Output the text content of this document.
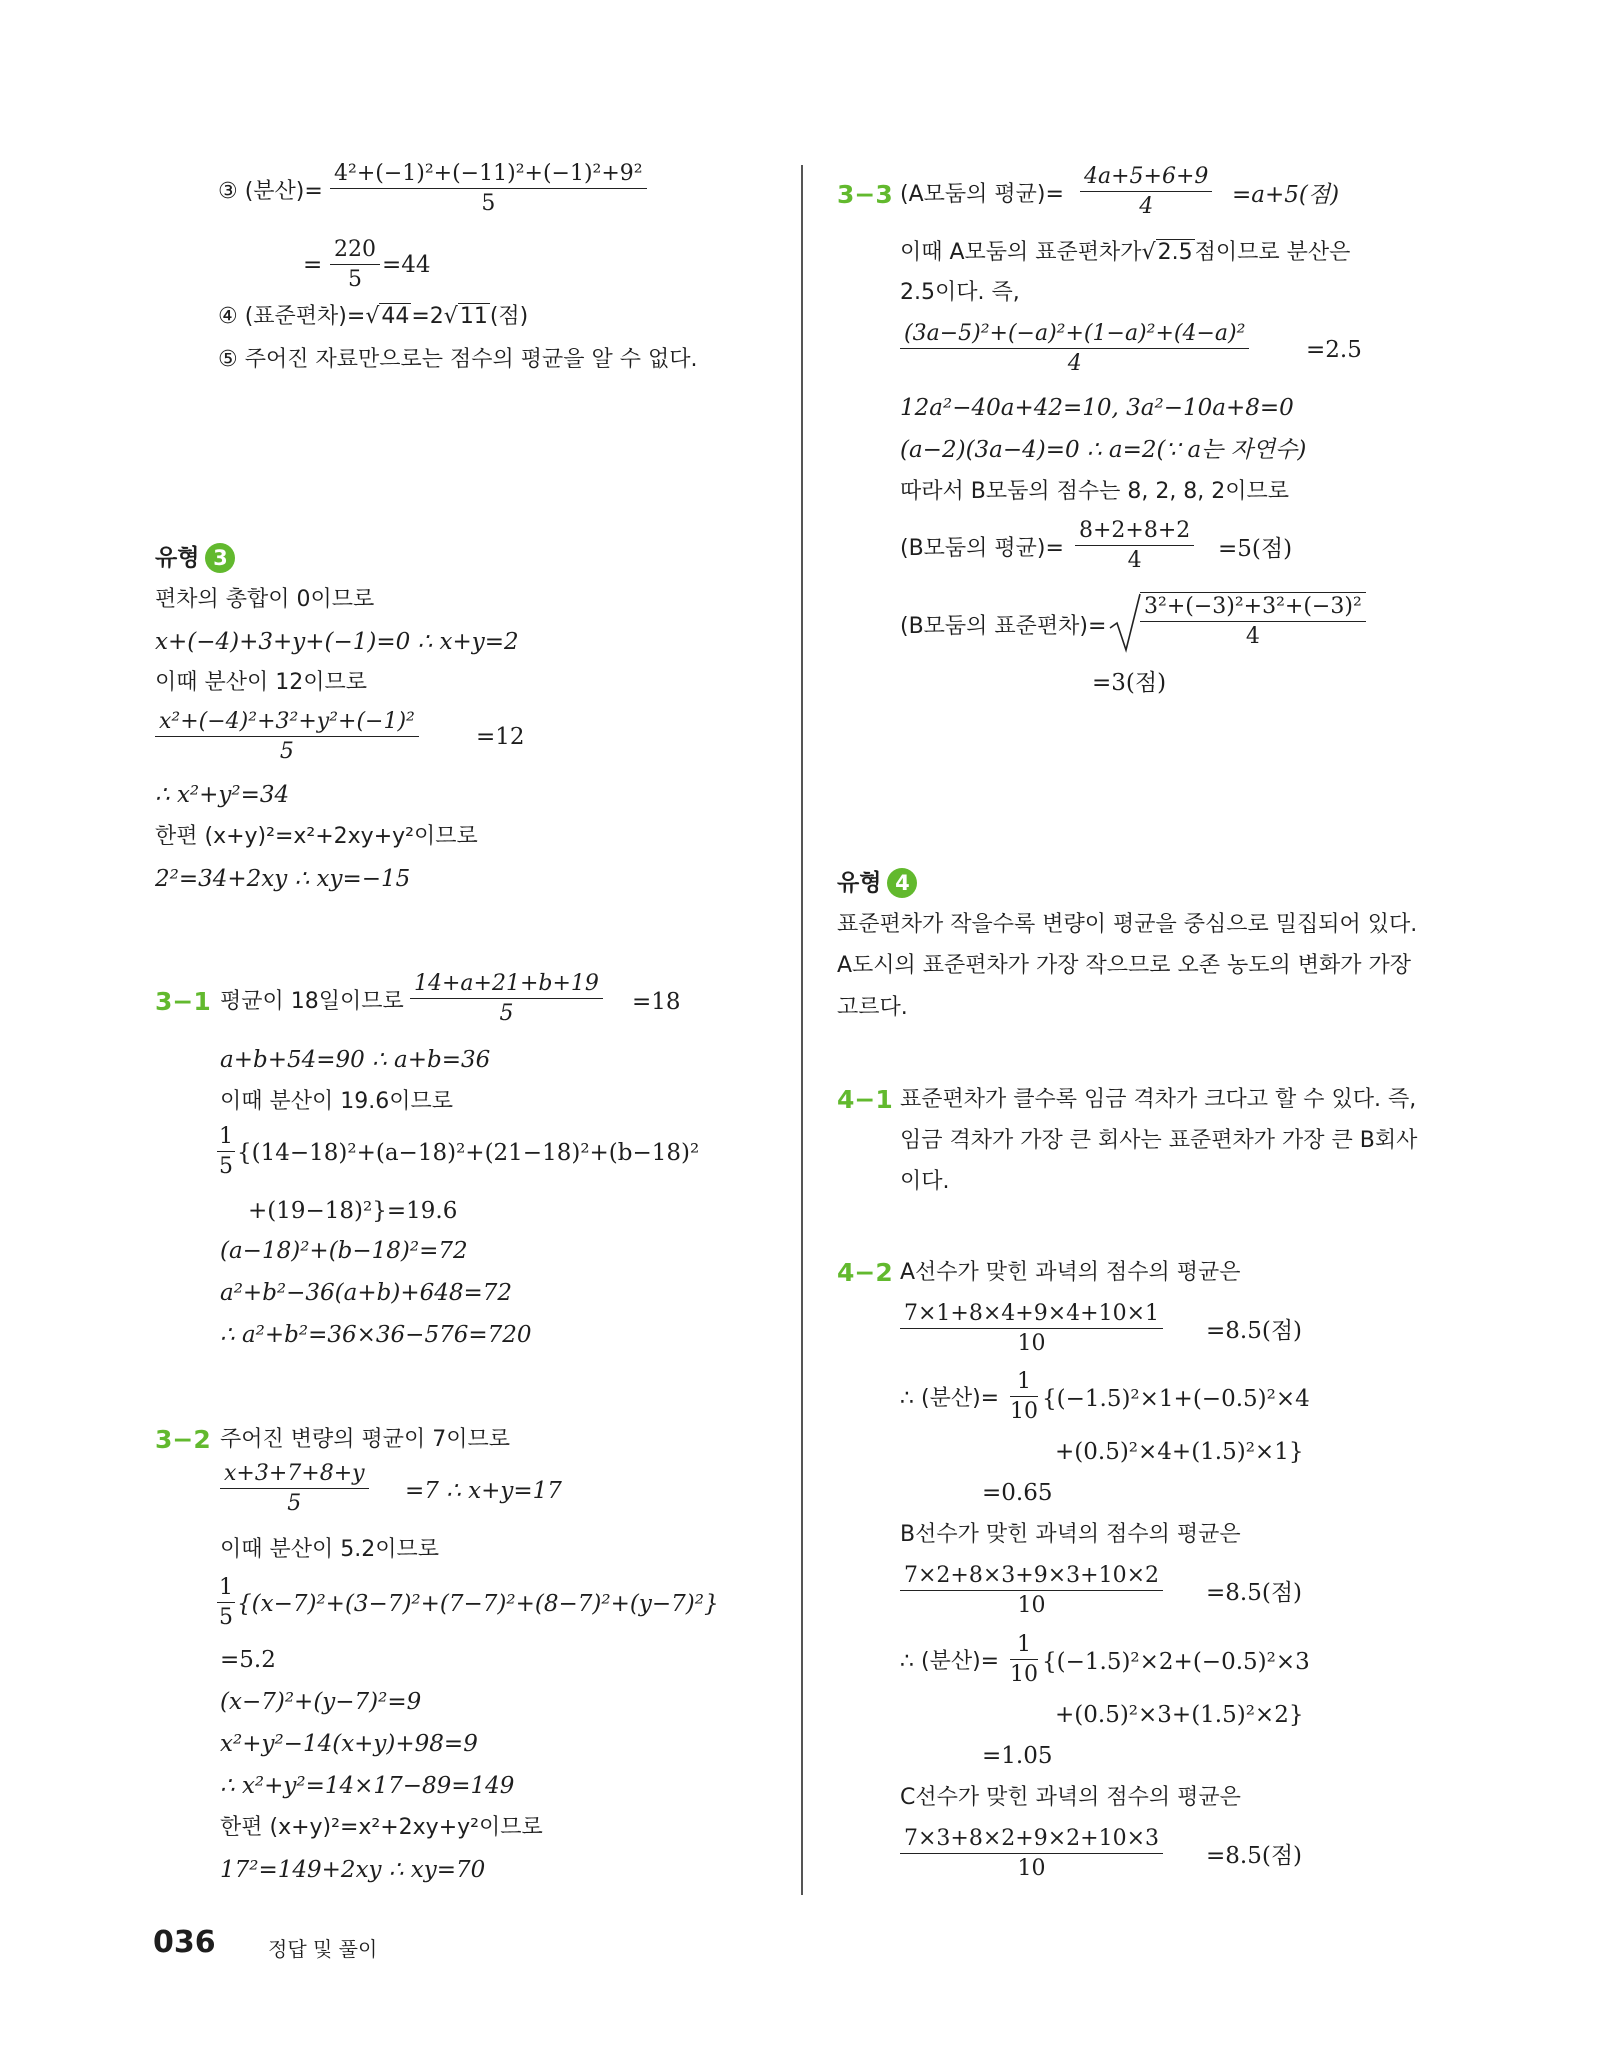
③ (분산)= $\frac{\text{4²+(−1)²+(−11)²+(−1)²+9²}}{5}$
= $\frac{220}{5} =44$
④ (표준편차)=√44=2√11(점)
⑤ 주어진 자료만으로는 점수의 평균을 알 수 없다.
유형 3
편차의 총합이 0이므로
x+(−4)+3+y+(−1)=0 ∴ x+y=2
이때 분산이 12이므로
$\frac{\text{x²+(−4)²+3²+y²+(−1)²}}{5} =12$
∴ x²+y²=34
한편 (x+y)²=x²+2xy+y²이므로
2²=34+2xy ∴ xy=−15
3−1 평균이 18일이므로 $\frac{14+a+21+b+19}{5} =18$
a+b+54=90 ∴ a+b=36
이때 분산이 19.6이므로
$\frac{1}{5} \{(14-18)^2+(a-18)^2+(21-18)^2+(b-18)^2$
+(19−18)²}=19.6
(a−18)²+(b−18)²=72
a²+b²−36(a+b)+648=72
∴ a²+b²=36×36−576=720
3−2 주어진 변량의 평균이 7이므로
$\frac{x+3+7+8+y}{5} =7$ ∴ x+y=17
이때 분산이 5.2이므로
$\frac{1}{5} \{(x-7)^2+(3-7)^2+(7-7)^2+(8-7)^2+(y-7)^2\}$
=5.2
(x−7)²+(y−7)²=9
x²+y²−14(x+y)+98=9
∴ x²+y²=14×17−89=149
한편 (x+y)²=x²+2xy+y²이므로
17²=149+2xy ∴ xy=70
3−3 (A모둠의 평균)= $\frac{4a+5+6+9}{4} =a+5$(점)
이때 A모둠의 표준편차가√2.5점이므로 분산은
2.5이다. 즉,
$\frac{\text{(3a−5)²+(−a)²+(1−a)²+(4−a)²}}{4} =2.5$
12a²−40a+42=10, 3a²−10a+8=0
(a−2)(3a−4)=0 ∴ a=2(∵ a는 자연수)
따라서 B모둠의 점수는 8, 2, 8, 2이므로
(B모둠의 평균)= $\frac{8+2+8+2}{4} =5$(점)
(B모둠의 표준편차)= $\frac{\text{3²+(−3)²+3²+(−3)²}}{4}$
=3(점)
유형 4
표준편차가 작을수록 변량이 평균을 중심으로 밀집되어 있다.
A도시의 표준편차가 가장 작으므로 오존 농도의 변화가 가장
고르다.
4−1 표준편차가 클수록 임금 격차가 크다고 할 수 있다. 즉,
임금 격차가 가장 큰 회사는 표준편차가 가장 큰 B회사
이다.
4−2 A선수가 맞힌 과녁의 점수의 평균은
$\frac{7\times 1+8\times 4+9\times 4+10\times 1}{10} =8.5$(점)
∴ (분산)= $\frac{1}{10} \{(-1.5)^2\times 1+(-0.5)^2\times 4$
+(0.5)²×4+(1.5)²×1}
=0.65
B선수가 맞힌 과녁의 점수의 평균은
$\frac{7\times 2+8\times 3+9\times 3+10\times 2}{10} =8.5$(점)
∴ (분산)= $\frac{1}{10} \{(-1.5)^2\times 2+(-0.5)^2\times 3$
+(0.5)²×3+(1.5)²×2}
=1.05
C선수가 맞힌 과녁의 점수의 평균은
$\frac{7\times 3+8\times 2+9\times 2+10\times 3}{10} =8.5$(점)
036	정답 및 풀이
